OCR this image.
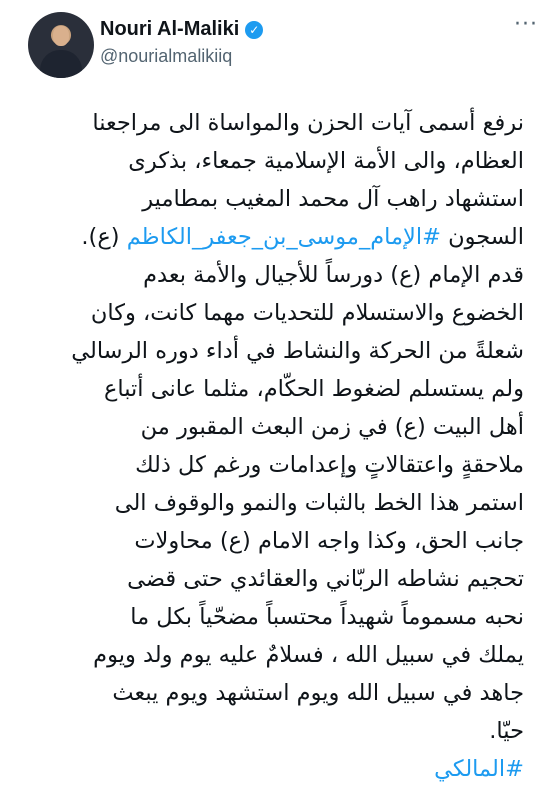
Nouri Al-Maliki ✓
@nourialmalikiiq
···
نرفع أسمى آيات الحزن والمواساة الى مراجعنا
العظام، والى الأمة الإسلامية جمعاء، بذكرى
استشهاد راهب آل محمد المغيب بمطامير
السجون #الإمام_موسى_بن_جعفر_الكاظم (ع).
قدم الإمام (ع) دورساً للأجيال والأمة بعدم
الخضوع والاستسلام للتحديات مهما كانت، وكان
شعلةً من الحركة والنشاط في أداء دوره الرسالي
ولم يستسلم لضغوط الحكّام، مثلما عانى أتباع
أهل البيت (ع) في زمن البعث المقبور من
ملاحقةٍ واعتقالاتٍ وإعدامات ورغم كل ذلك
استمر هذا الخط بالثبات والنمو والوقوف الى
جانب الحق، وكذا واجه الامام (ع) محاولات
تحجيم نشاطه الربّاني والعقائدي حتى قضى
نحبه مسموماً شهيداً محتسباً مضحّياً بكل ما
يملك في سبيل الله ، فسلامٌ عليه يوم ولد ويوم
جاهد في سبيل الله ويوم استشهد ويوم يبعث
حيّا.
#المالكي
